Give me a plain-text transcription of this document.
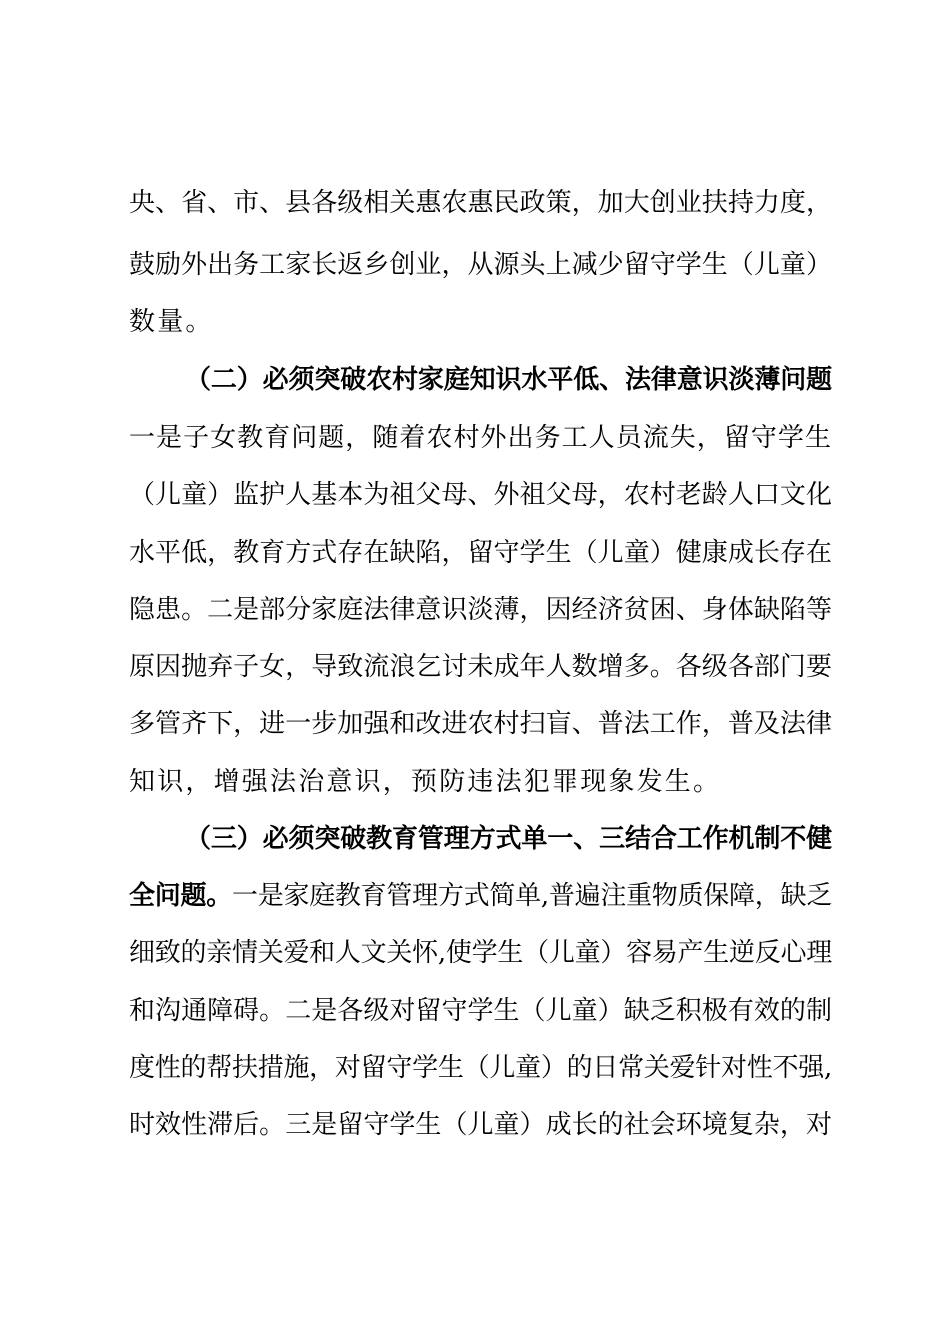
央、省、市、县各级相关惠农惠民政策，加大创业扶持力度，
鼓励外出务工家长返乡创业，从源头上减少留守学生（儿童）
数量。
（二）必须突破农村家庭知识水平低、法律意识淡薄问题
一是子女教育问题，随着农村外出务工人员流失，留守学生
（儿童）监护人基本为祖父母、外祖父母，农村老龄人口文化
水平低，教育方式存在缺陷，留守学生（儿童）健康成长存在
隐患。二是部分家庭法律意识淡薄，因经济贫困、身体缺陷等
原因抛弃子女，导致流浪乞讨未成年人数增多。各级各部门要
多管齐下，进一步加强和改进农村扫盲、普法工作，普及法律
知识，增强法治意识，预防违法犯罪现象发生。
（三）必须突破教育管理方式单一、三结合工作机制不健
全问题。一是家庭教育管理方式简单,普遍注重物质保障，缺乏
细致的亲情关爱和人文关怀,使学生（儿童）容易产生逆反心理
和沟通障碍。二是各级对留守学生（儿童）缺乏积极有效的制
度性的帮扶措施，对留守学生（儿童）的日常关爱针对性不强,
时效性滞后。三是留守学生（儿童）成长的社会环境复杂，对
